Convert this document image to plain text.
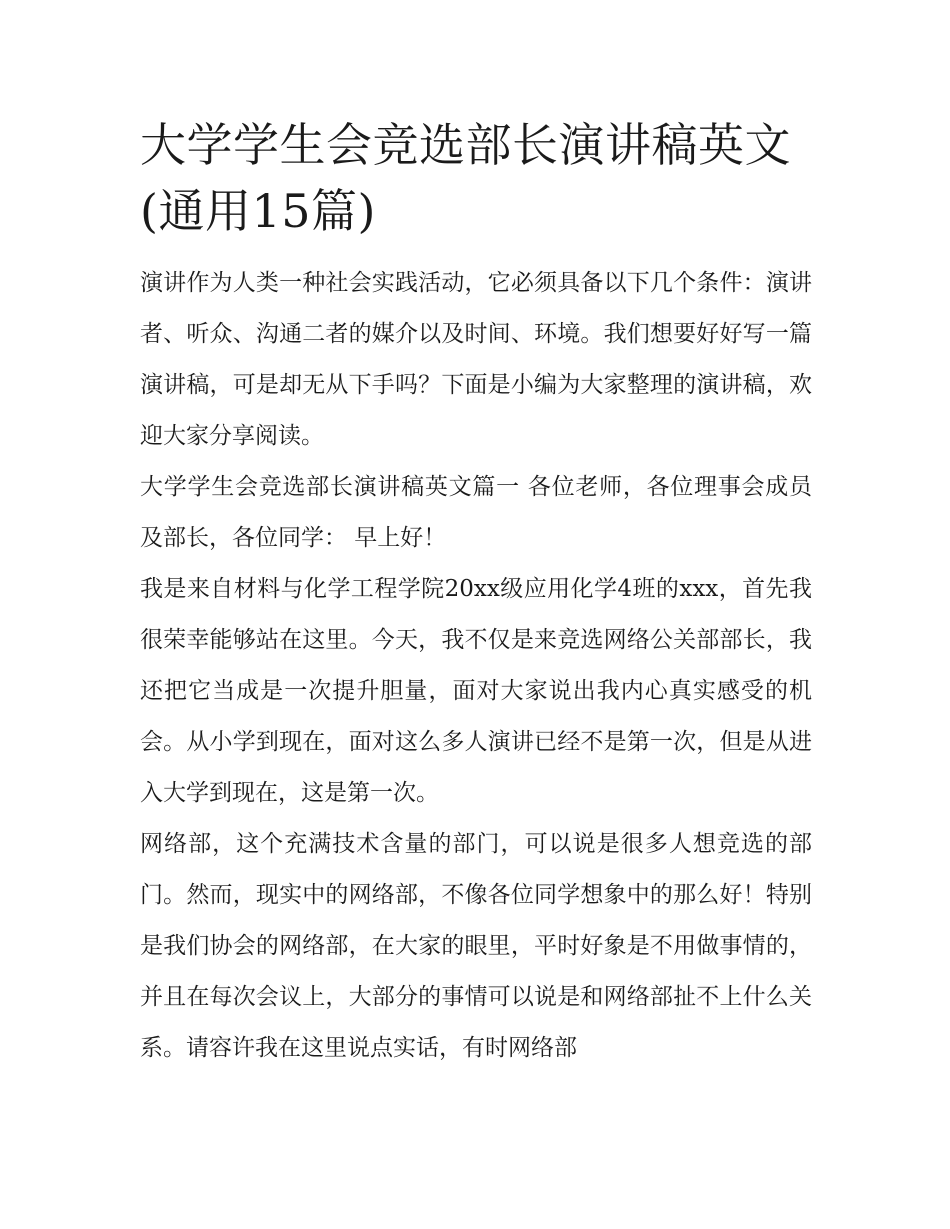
大学学生会竞选部长演讲稿英文(通用15篇)

演讲作为人类一种社会实践活动，它必须具备以下几个条件：演讲者、听众、沟通二者的媒介以及时间、环境。我们想要好好写一篇演讲稿，可是却无从下手吗？下面是小编为大家整理的演讲稿，欢迎大家分享阅读。

大学学生会竞选部长演讲稿英文篇一 各位老师，各位理事会成员及部长，各位同学： 早上好！

我是来自材料与化学工程学院20xx级应用化学4班的xxx，首先我很荣幸能够站在这里。今天，我不仅是来竞选网络公关部部长，我还把它当成是一次提升胆量，面对大家说出我内心真实感受的机会。从小学到现在，面对这么多人演讲已经不是第一次，但是从进入大学到现在，这是第一次。

网络部，这个充满技术含量的部门，可以说是很多人想竞选的部门。然而，现实中的网络部，不像各位同学想象中的那么好！特别是我们协会的网络部，在大家的眼里，平时好象是不用做事情的，并且在每次会议上，大部分的事情可以说是和网络部扯不上什么关系。请容许我在这里说点实话，有时网络部
